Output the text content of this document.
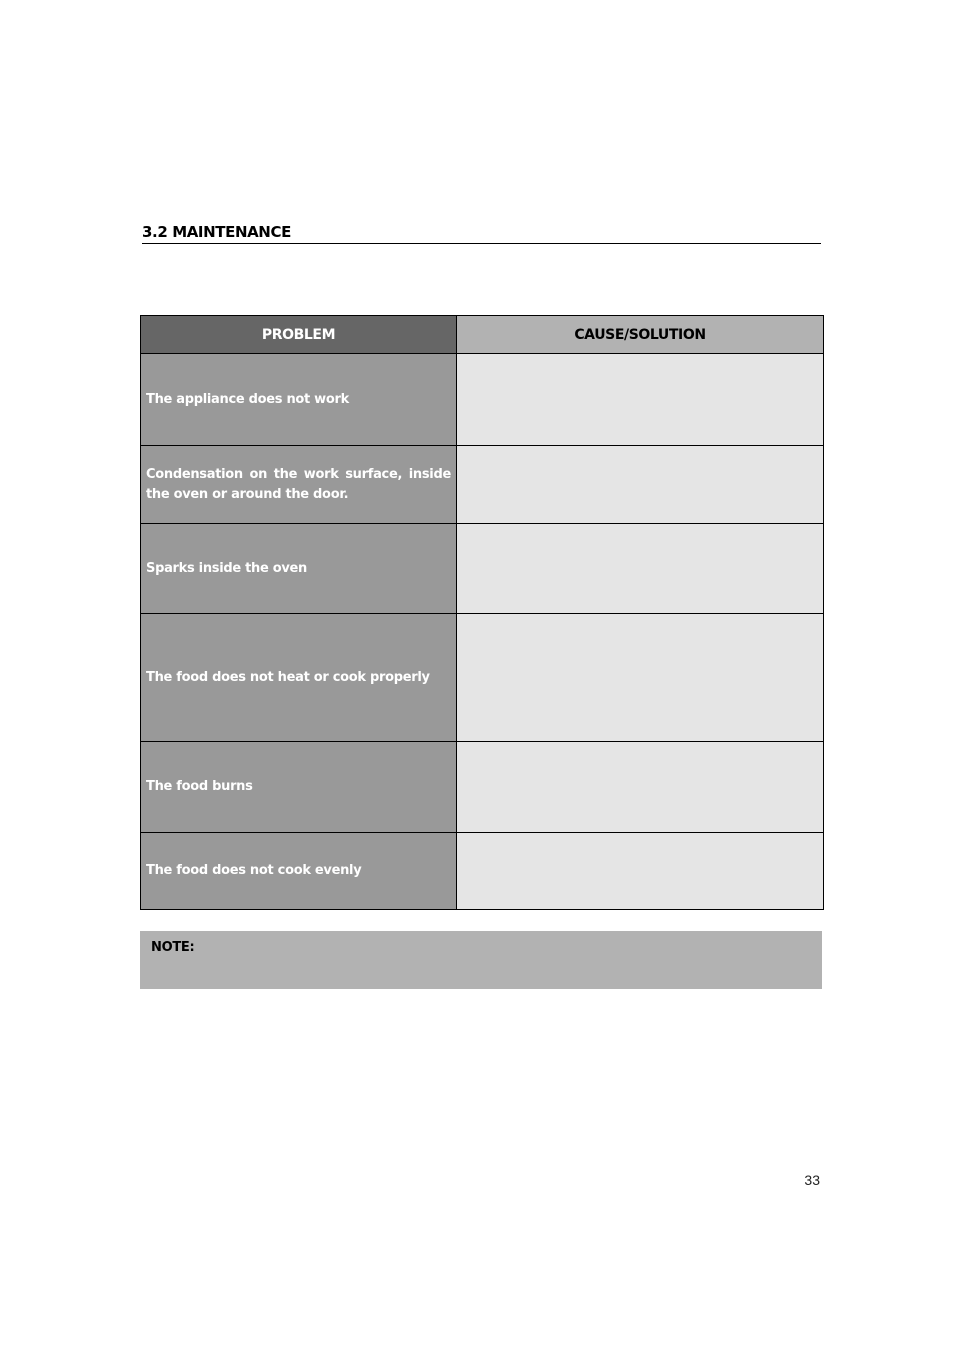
3.2 MAINTENANCE
PROBLEM	CAUSE/SOLUTION
The appliance does not work	
Condensation on the work surface, inside the oven or around the door.	
Sparks inside the oven	
The food does not heat or cook properly	
The food burns	
The food does not cook evenly	
NOTE:
33
